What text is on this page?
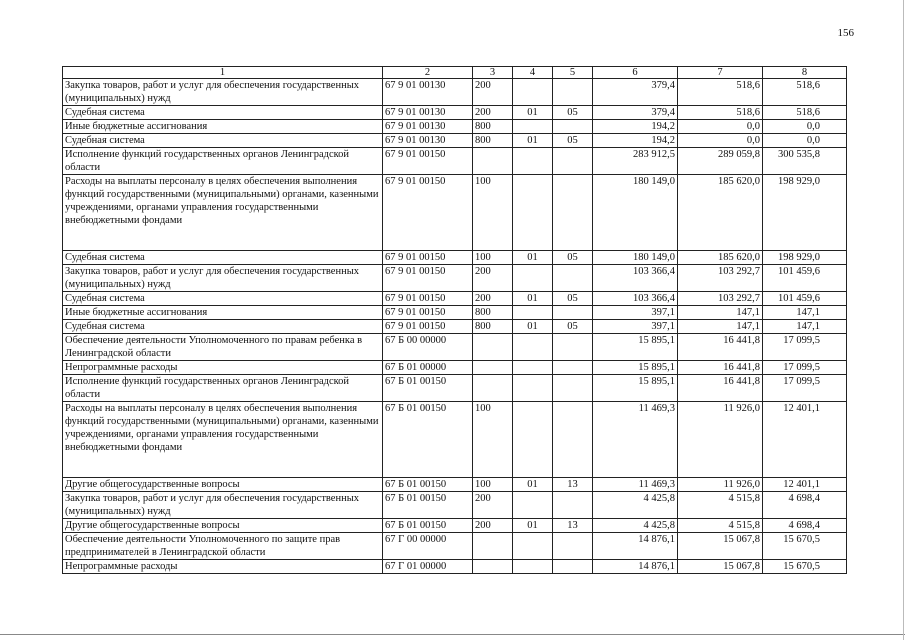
156
1	2	3	4	5	6	7	8
Закупка товаров, работ и услуг для обеспечения государственных (муниципальных) нужд	67 9 01 00130	200			379,4	518,6	518,6
Судебная система	67 9 01 00130	200	01	05	379,4	518,6	518,6
Иные бюджетные ассигнования	67 9 01 00130	800			194,2	0,0	0,0
Судебная система	67 9 01 00130	800	01	05	194,2	0,0	0,0
Исполнение функций государственных органов Ленинградской области	67 9 01 00150				283 912,5	289 059,8	300 535,8
Расходы на выплаты персоналу в целях обеспечения выполнения функций государственными (муниципальными) органами, казенными учреждениями, органами управления государственными внебюджетными фондами	67 9 01 00150	100			180 149,0	185 620,0	198 929,0
Судебная система	67 9 01 00150	100	01	05	180 149,0	185 620,0	198 929,0
Закупка товаров, работ и услуг для обеспечения государственных (муниципальных) нужд	67 9 01 00150	200			103 366,4	103 292,7	101 459,6
Судебная система	67 9 01 00150	200	01	05	103 366,4	103 292,7	101 459,6
Иные бюджетные ассигнования	67 9 01 00150	800			397,1	147,1	147,1
Судебная система	67 9 01 00150	800	01	05	397,1	147,1	147,1
Обеспечение деятельности Уполномоченного по правам ребенка в Ленинградской области	67 Б 00 00000				15 895,1	16 441,8	17 099,5
Непрограммные расходы	67 Б 01 00000				15 895,1	16 441,8	17 099,5
Исполнение функций государственных органов Ленинградской области	67 Б 01 00150				15 895,1	16 441,8	17 099,5
Расходы на выплаты персоналу в целях обеспечения выполнения функций государственными (муниципальными) органами, казенными учреждениями, органами управления государственными внебюджетными фондами	67 Б 01 00150	100			11 469,3	11 926,0	12 401,1
Другие общегосударственные вопросы	67 Б 01 00150	100	01	13	11 469,3	11 926,0	12 401,1
Закупка товаров, работ и услуг для обеспечения государственных (муниципальных) нужд	67 Б 01 00150	200			4 425,8	4 515,8	4 698,4
Другие общегосударственные вопросы	67 Б 01 00150	200	01	13	4 425,8	4 515,8	4 698,4
Обеспечение деятельности Уполномоченного по защите прав предпринимателей в Ленинградской области	67 Г 00 00000				14 876,1	15 067,8	15 670,5
Непрограммные расходы	67 Г 01 00000				14 876,1	15 067,8	15 670,5
